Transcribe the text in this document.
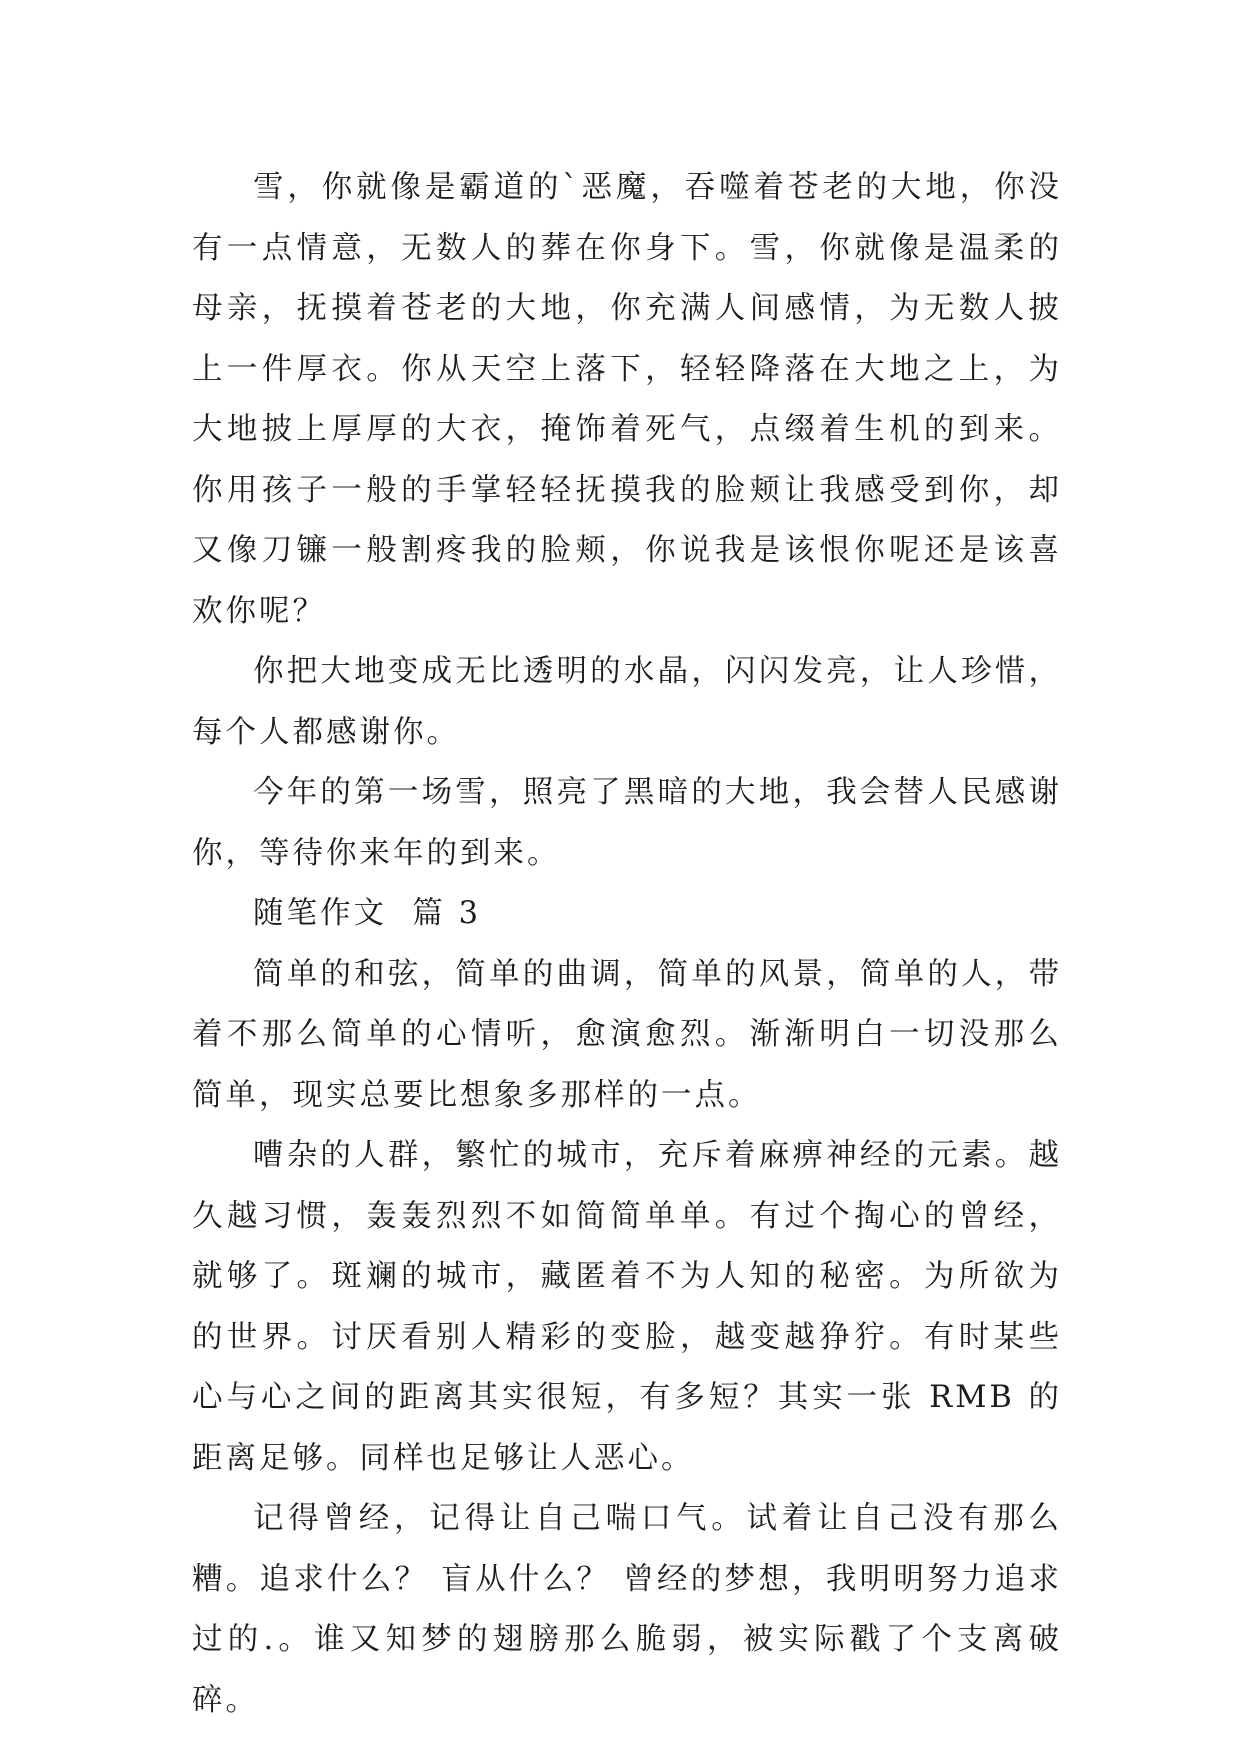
雪，你就像是霸道的`恶魔，吞噬着苍老的大地，你没有一点情意，无数人的葬在你身下。雪，你就像是温柔的母亲，抚摸着苍老的大地，你充满人间感情，为无数人披上一件厚衣。你从天空上落下，轻轻降落在大地之上，为大地披上厚厚的大衣，掩饰着死气，点缀着生机的到来。你用孩子一般的手掌轻轻抚摸我的脸颊让我感受到你，却又像刀镰一般割疼我的脸颊，你说我是该恨你呢还是该喜欢你呢？

你把大地变成无比透明的水晶，闪闪发亮，让人珍惜，每个人都感谢你。

今年的第一场雪，照亮了黑暗的大地，我会替人民感谢你，等待你来年的到来。

随笔作文  篇 3

简单的和弦，简单的曲调，简单的风景，简单的人，带着不那么简单的心情听，愈演愈烈。渐渐明白一切没那么简单，现实总要比想象多那样的一点。

嘈杂的人群，繁忙的城市，充斥着麻痹神经的元素。越久越习惯，轰轰烈烈不如简简单单。有过个掏心的曾经，就够了。斑斓的城市，藏匿着不为人知的秘密。为所欲为的世界。讨厌看别人精彩的变脸，越变越狰狞。有时某些心与心之间的距离其实很短，有多短？其实一张 RMB 的距离足够。同样也足够让人恶心。

记得曾经，记得让自己喘口气。试着让自己没有那么糟。追求什么？ 盲从什么？ 曾经的梦想，我明明努力追求过的.。谁又知梦的翅膀那么脆弱，被实际戳了个支离破碎。
